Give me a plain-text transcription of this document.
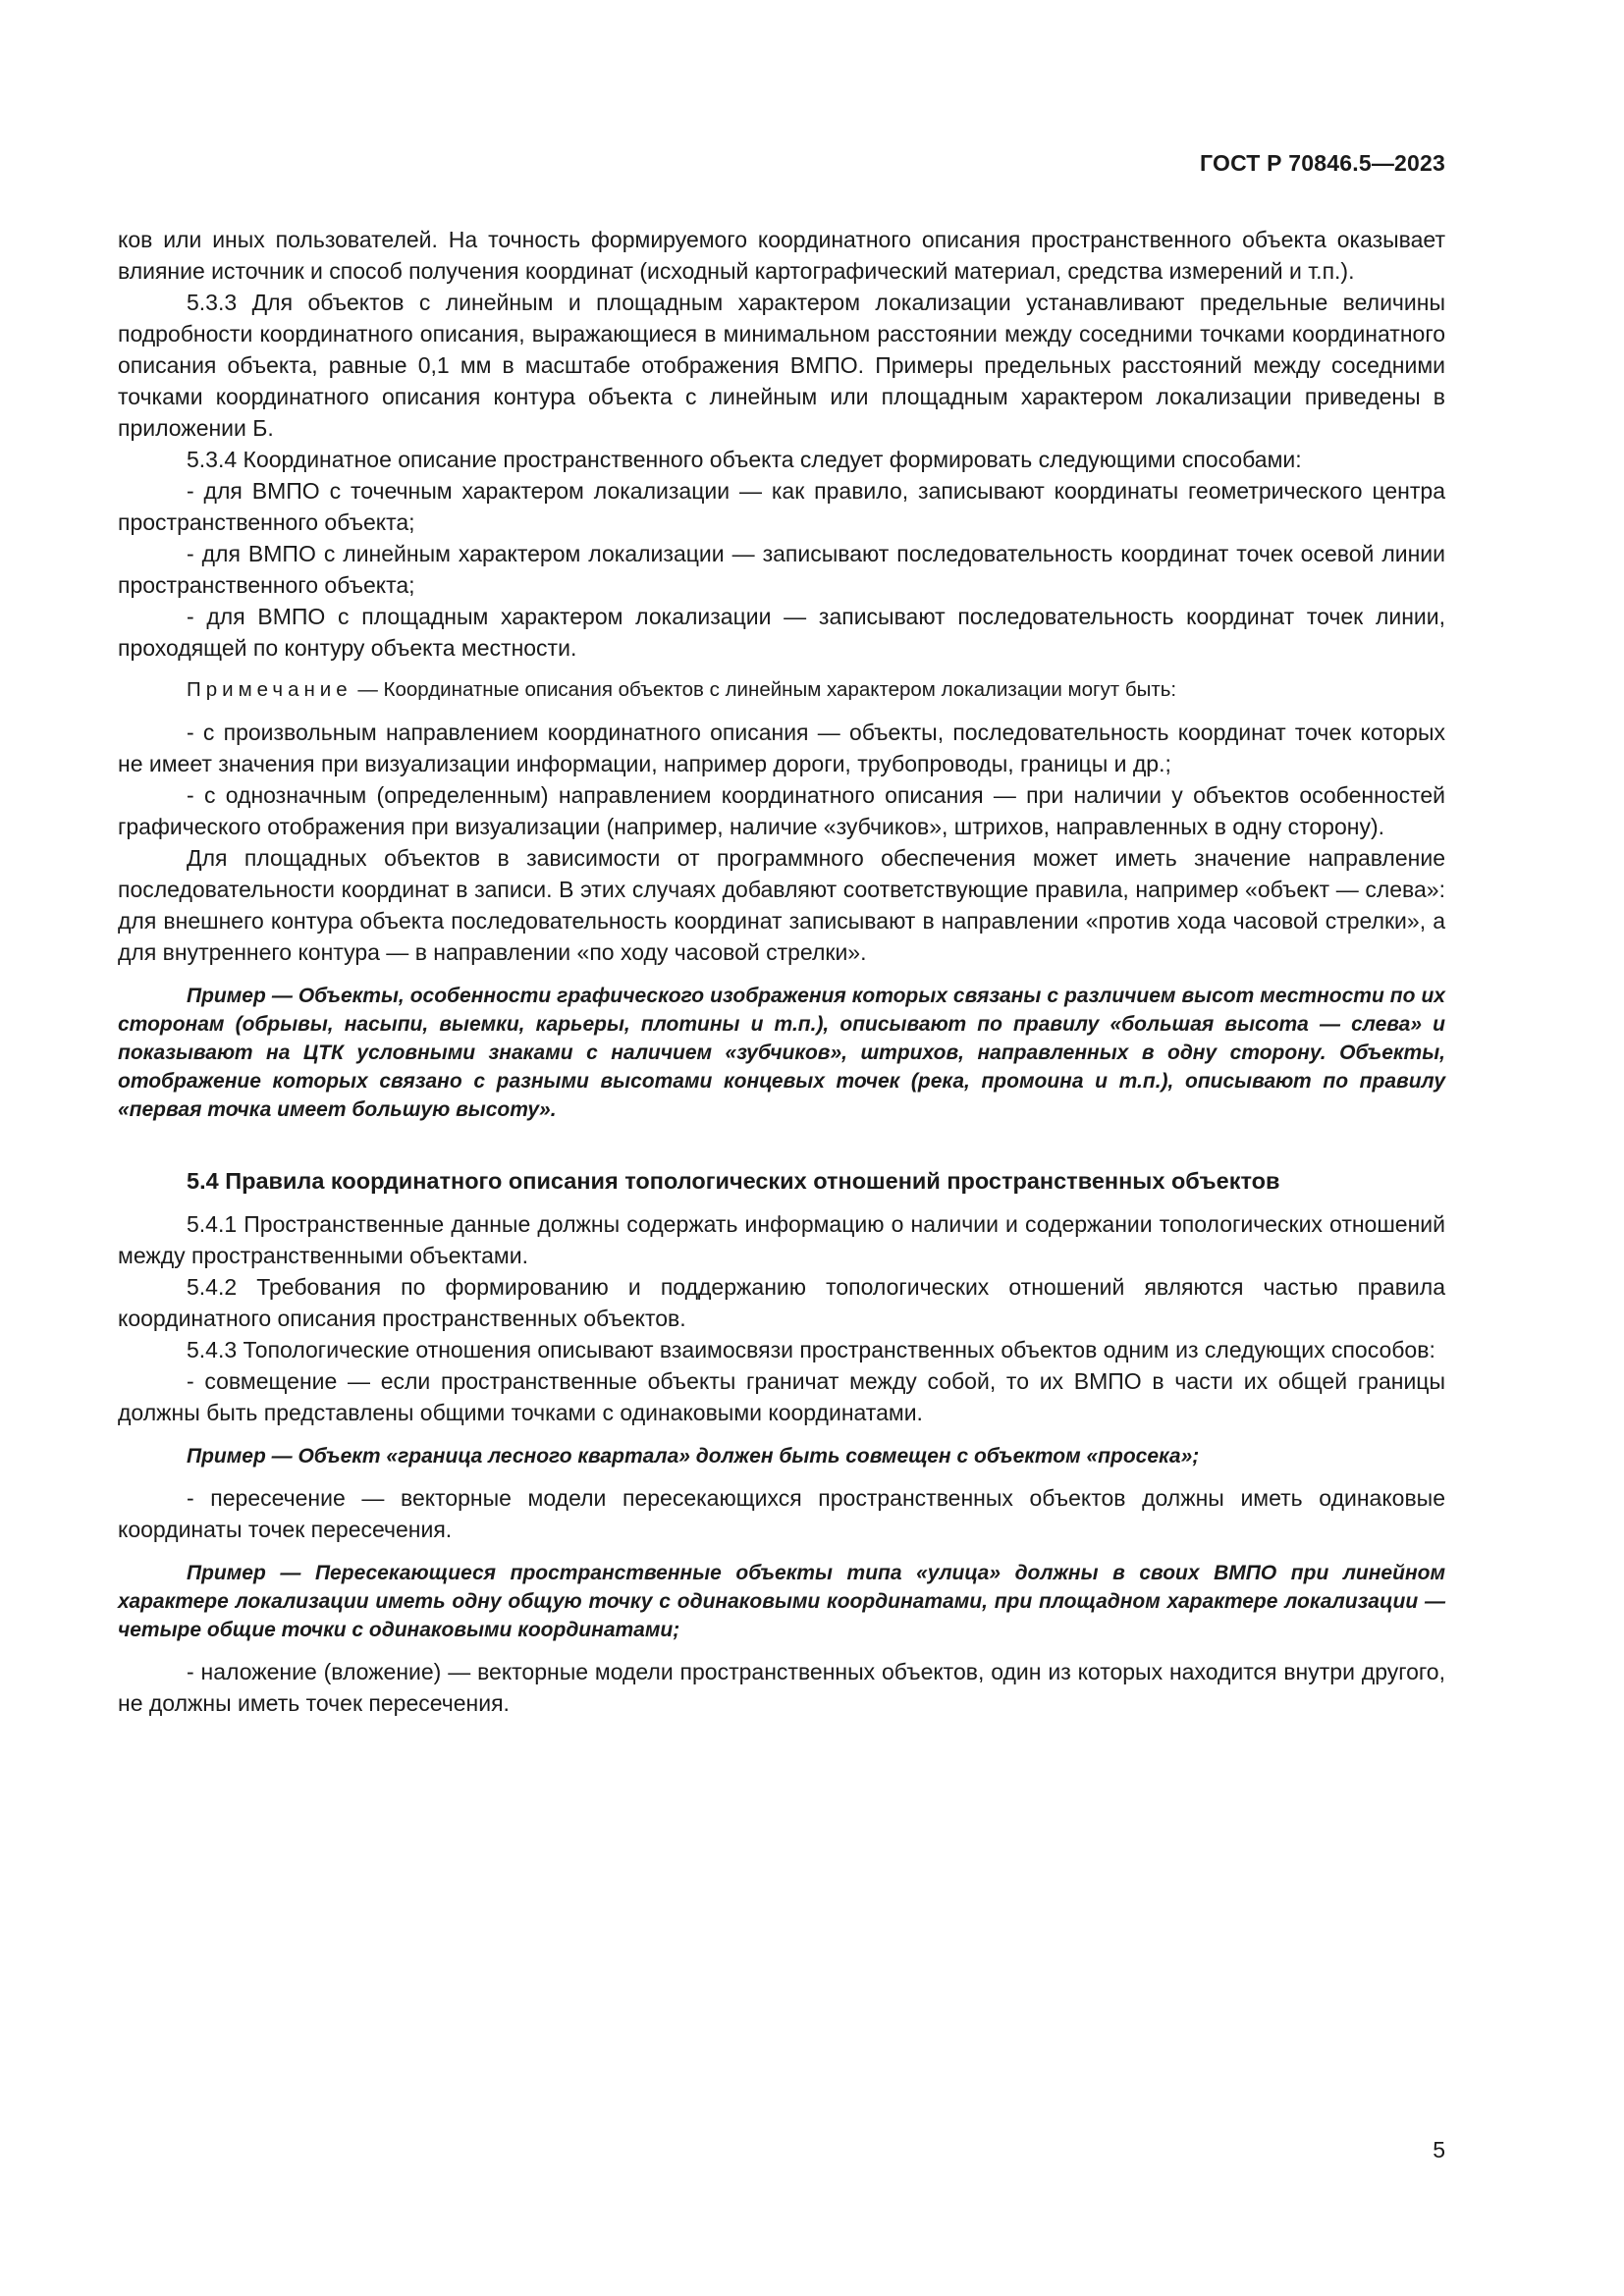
ГОСТ Р 70846.5—2023

ков или иных пользователей. На точность формируемого координатного описания пространственного объекта оказывает влияние источник и способ получения координат (исходный картографический материал, средства измерений и т.п.).

5.3.3 Для объектов с линейным и площадным характером локализации устанавливают предельные величины подробности координатного описания, выражающиеся в минимальном расстоянии между соседними точками координатного описания объекта, равные 0,1 мм в масштабе отображения ВМПО. Примеры предельных расстояний между соседними точками координатного описания контура объекта с линейным или площадным характером локализации приведены в приложении Б.

5.3.4 Координатное описание пространственного объекта следует формировать следующими способами:

- для ВМПО с точечным характером локализации — как правило, записывают координаты геометрического центра пространственного объекта;

- для ВМПО с линейным характером локализации — записывают последовательность координат точек осевой линии пространственного объекта;

- для ВМПО с площадным характером локализации — записывают последовательность координат точек линии, проходящей по контуру объекта местности.

Примечание — Координатные описания объектов с линейным характером локализации могут быть:

- с произвольным направлением координатного описания — объекты, последовательность координат точек которых не имеет значения при визуализации информации, например дороги, трубопроводы, границы и др.;

- с однозначным (определенным) направлением координатного описания — при наличии у объектов особенностей графического отображения при визуализации (например, наличие «зубчиков», штрихов, направленных в одну сторону).

Для площадных объектов в зависимости от программного обеспечения может иметь значение направление последовательности координат в записи. В этих случаях добавляют соответствующие правила, например «объект — слева»: для внешнего контура объекта последовательность координат записывают в направлении «против хода часовой стрелки», а для внутреннего контура — в направлении «по ходу часовой стрелки».

Пример — Объекты, особенности графического изображения которых связаны с различием высот местности по их сторонам (обрывы, насыпи, выемки, карьеры, плотины и т.п.), описывают по правилу «большая высота — слева» и показывают на ЦТК условными знаками с наличием «зубчиков», штрихов, направленных в одну сторону. Объекты, отображение которых связано с разными высотами концевых точек (река, промоина и т.п.), описывают по правилу «первая точка имеет большую высоту».

5.4 Правила координатного описания топологических отношений пространственных объектов

5.4.1 Пространственные данные должны содержать информацию о наличии и содержании топологических отношений между пространственными объектами.

5.4.2 Требования по формированию и поддержанию топологических отношений являются частью правила координатного описания пространственных объектов.

5.4.3 Топологические отношения описывают взаимосвязи пространственных объектов одним из следующих способов:

- совмещение — если пространственные объекты граничат между собой, то их ВМПО в части их общей границы должны быть представлены общими точками с одинаковыми координатами.

Пример — Объект «граница лесного квартала» должен быть совмещен с объектом «просека»;

- пересечение — векторные модели пересекающихся пространственных объектов должны иметь одинаковые координаты точек пересечения.

Пример — Пересекающиеся пространственные объекты типа «улица» должны в своих ВМПО при линейном характере локализации иметь одну общую точку с одинаковыми координатами, при площадном характере локализации —четыре общие точки с одинаковыми координатами;

- наложение (вложение) — векторные модели пространственных объектов, один из которых находится внутри другого, не должны иметь точек пересечения.

5
